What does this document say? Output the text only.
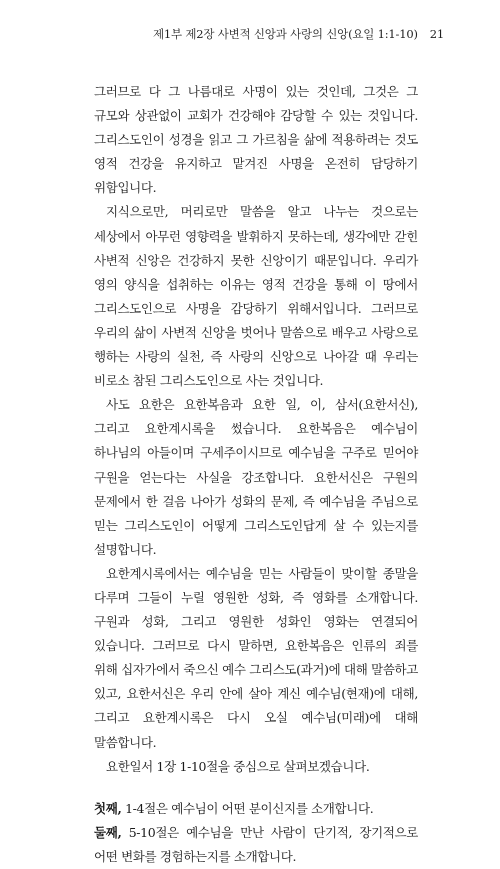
제1부 제2장 사변적 신앙과 사랑의 신앙(요일 1:1-10) 21

그러므로 다 그 나름대로 사명이 있는 것인데, 그것은 그 규모와 상관없이 교회가 건강해야 감당할 수 있는 것입니다. 그리스도인이 성경을 읽고 그 가르침을 삶에 적용하려는 것도 영적 건강을 유지하고 맡겨진 사명을 온전히 담당하기 위함입니다.

지식으로만, 머리로만 말씀을 알고 나누는 것으로는 세상에서 아무런 영향력을 발휘하지 못하는데, 생각에만 갇힌 사변적 신앙은 건강하지 못한 신앙이기 때문입니다. 우리가 영의 양식을 섭취하는 이유는 영적 건강을 통해 이 땅에서 그리스도인으로 사명을 감당하기 위해서입니다. 그러므로 우리의 삶이 사변적 신앙을 벗어나 말씀으로 배우고 사랑으로 행하는 사랑의 실천, 즉 사랑의 신앙으로 나아갈 때 우리는 비로소 참된 그리스도인으로 사는 것입니다.

사도 요한은 요한복음과 요한 일, 이, 삼서(요한서신), 그리고 요한계시록을 썼습니다. 요한복음은 예수님이 하나님의 아들이며 구세주이시므로 예수님을 구주로 믿어야 구원을 얻는다는 사실을 강조합니다. 요한서신은 구원의 문제에서 한 걸음 나아가 성화의 문제, 즉 예수님을 주님으로 믿는 그리스도인이 어떻게 그리스도인답게 살 수 있는지를 설명합니다.

요한계시록에서는 예수님을 믿는 사람들이 맞이할 종말을 다루며 그들이 누릴 영원한 성화, 즉 영화를 소개합니다. 구원과 성화, 그리고 영원한 성화인 영화는 연결되어 있습니다. 그러므로 다시 말하면, 요한복음은 인류의 죄를 위해 십자가에서 죽으신 예수 그리스도(과거)에 대해 말씀하고 있고, 요한서신은 우리 안에 살아 계신 예수님(현재)에 대해, 그리고 요한계시록은 다시 오실 예수님(미래)에 대해 말씀합니다.

요한일서 1장 1-10절을 중심으로 살펴보겠습니다.

첫째, 1-4절은 예수님이 어떤 분이신지를 소개합니다.

둘째, 5-10절은 예수님을 만난 사람이 단기적, 장기적으로 어떤 변화를 경험하는지를 소개합니다.
